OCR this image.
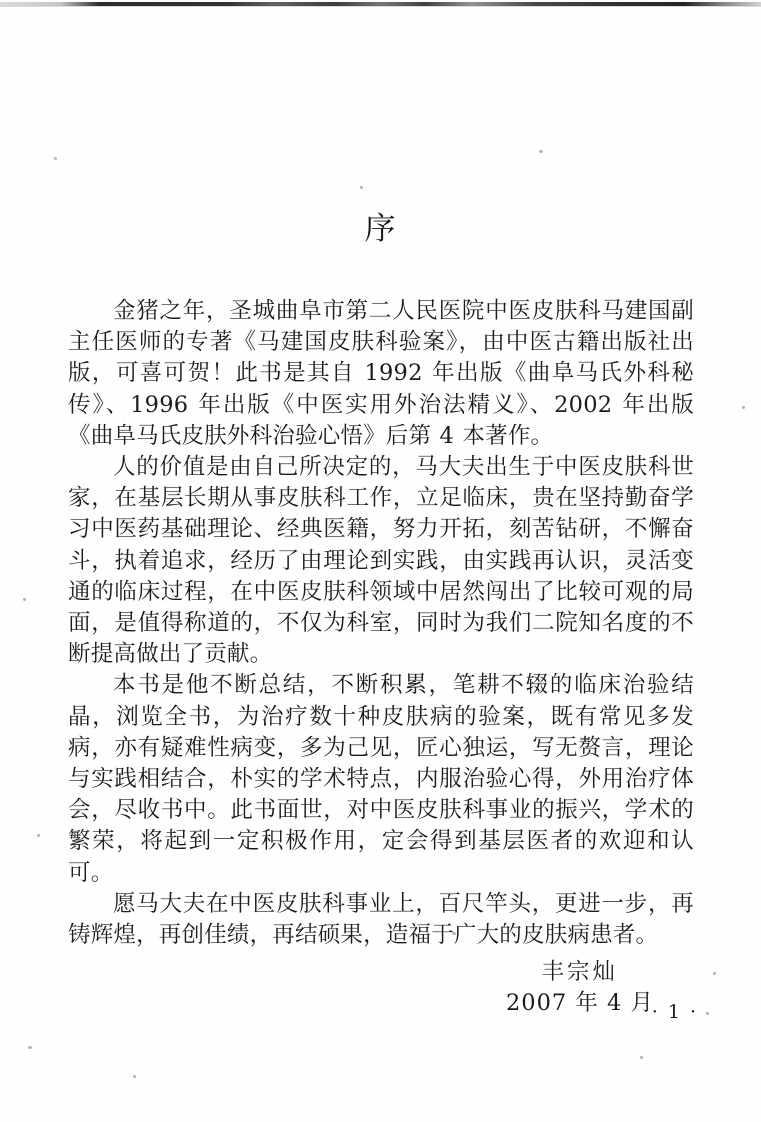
序

金猪之年，圣城曲阜市第二人民医院中医皮肤科马建国副主任医师的专著《马建国皮肤科验案》，由中医古籍出版社出版，可喜可贺！此书是其自 1992 年出版《曲阜马氏外科秘传》、1996 年出版《中医实用外治法精义》、2002 年出版《曲阜马氏皮肤外科治验心悟》后第 4 本著作。

人的价值是由自己所决定的，马大夫出生于中医皮肤科世家，在基层长期从事皮肤科工作，立足临床，贵在坚持勤奋学习中医药基础理论、经典医籍，努力开拓，刻苦钻研，不懈奋斗，执着追求，经历了由理论到实践，由实践再认识，灵活变通的临床过程，在中医皮肤科领域中居然闯出了比较可观的局面，是值得称道的，不仅为科室，同时为我们二院知名度的不断提高做出了贡献。

本书是他不断总结，不断积累，笔耕不辍的临床治验结晶，浏览全书，为治疗数十种皮肤病的验案，既有常见多发病，亦有疑难性病变，多为己见，匠心独运，写无赘言，理论与实践相结合，朴实的学术特点，内服治验心得，外用治疗体会，尽收书中。此书面世，对中医皮肤科事业的振兴，学术的繁荣，将起到一定积极作用，定会得到基层医者的欢迎和认可。

愿马大夫在中医皮肤科事业上，百尺竿头，更进一步，再铸辉煌，再创佳绩，再结硕果，造福于广大的皮肤病患者。

丰宗灿
2007 年 4 月
· 1 ·
